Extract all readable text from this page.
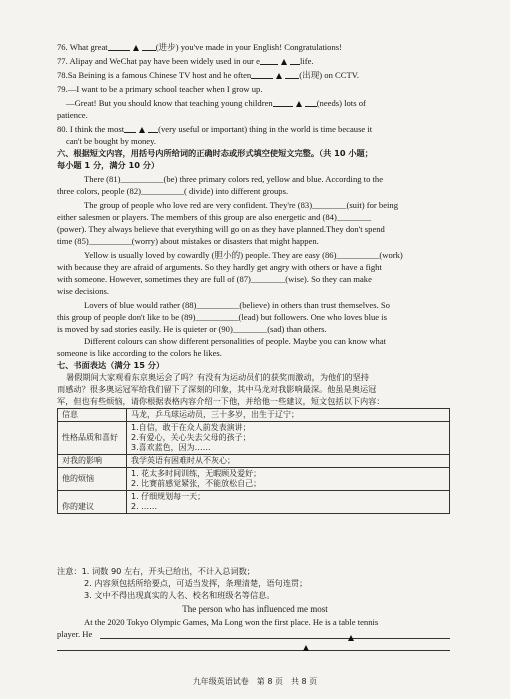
76. What great	(进步) you've made in your English! Congratulations!
77. Alipay and WeChat pay have been widely used in our e	life.
78.Sa Beining is a famous Chinese TV host and he often	(出现) on CCTV.
79.—I want to be a primary school teacher when I grow up.
—Great! But you should know that teaching young children	(needs) lots of
patience.
80. I think the most	(very useful or important) thing in the world is time because it
can't be bought by money.
六、根据短文内容，用括号内所给词的正确时态或形式填空使短文完整。（共 10 小题；
每小题 1 分，满分 10 分）
There (81)__________(be) three primary colors red, yellow and blue. According to the
three colors, people (82)__________( divide) into different groups.
The group of people who love red are very confident. They're (83)________(suit) for being
either salesmen or players. The members of this group are also energetic and (84)________
(power). They always believe that everything will go on as they have planned.They don't spend
time (85)__________(worry) about mistakes or disasters that might happen.
Yellow is usually loved by cowardly (胆小的) people. They are easy (86)__________(work)
with because they are afraid of arguments. So they hardly get angry with others or have a fight
with someone. However, sometimes they are full of (87)________(wise). So they can make
wise decisions.
Lovers of blue would rather (88)__________(believe) in others than trust themselves. So
this group of people don't like to be (89)__________(lead) but followers. One who loves blue is
is moved by sad stories easily. He is quieter or (90)________(sad) than others.
Different colours can show different personalities of people. Maybe you can know what
someone is like according to the colors he likes.
七、书面表达（满分 15 分）
暑假期间大家观看东京奥运会了吗？有没有为运动员们的获奖而激动，为他们的坚持
而感动？很多奥运冠军给我们留下了深刻的印象，其中马龙对我影响最深。他虽是奥运冠
军，但也有些烦恼，请你根据表格内容介绍一下他，并给他一些建议，短文包括以下内容：
信息	马龙，乒乓球运动员，三十多岁，出生于辽宁；

性格品质和喜好	1.自信，敢于在众人前发表演讲；
2.有爱心，关心失去父母的孩子；
3.喜欢蓝色，因为……

对我的影响	我学英语有困难时从不灰心；

他的烦恼	1. 花太多时间训练，无暇顾及爱好；
2. 比赛前感觉紧张，不能放松自己；

你的建议	1. 仔细规划每一天；
2. ……
注意：1. 词数 90 左右，开头已给出，不计入总词数；
2. 内容须包括所给要点，可适当发挥，条理清楚，语句连贯；
3. 文中不得出现真实的人名、校名和班级名等信息。
The person who has influenced me most
At the 2020 Tokyo Olympic Games, Ma Long won the first place. He is a table tennis
player. He
九年级英语试卷　第 8 页　共 8 页
